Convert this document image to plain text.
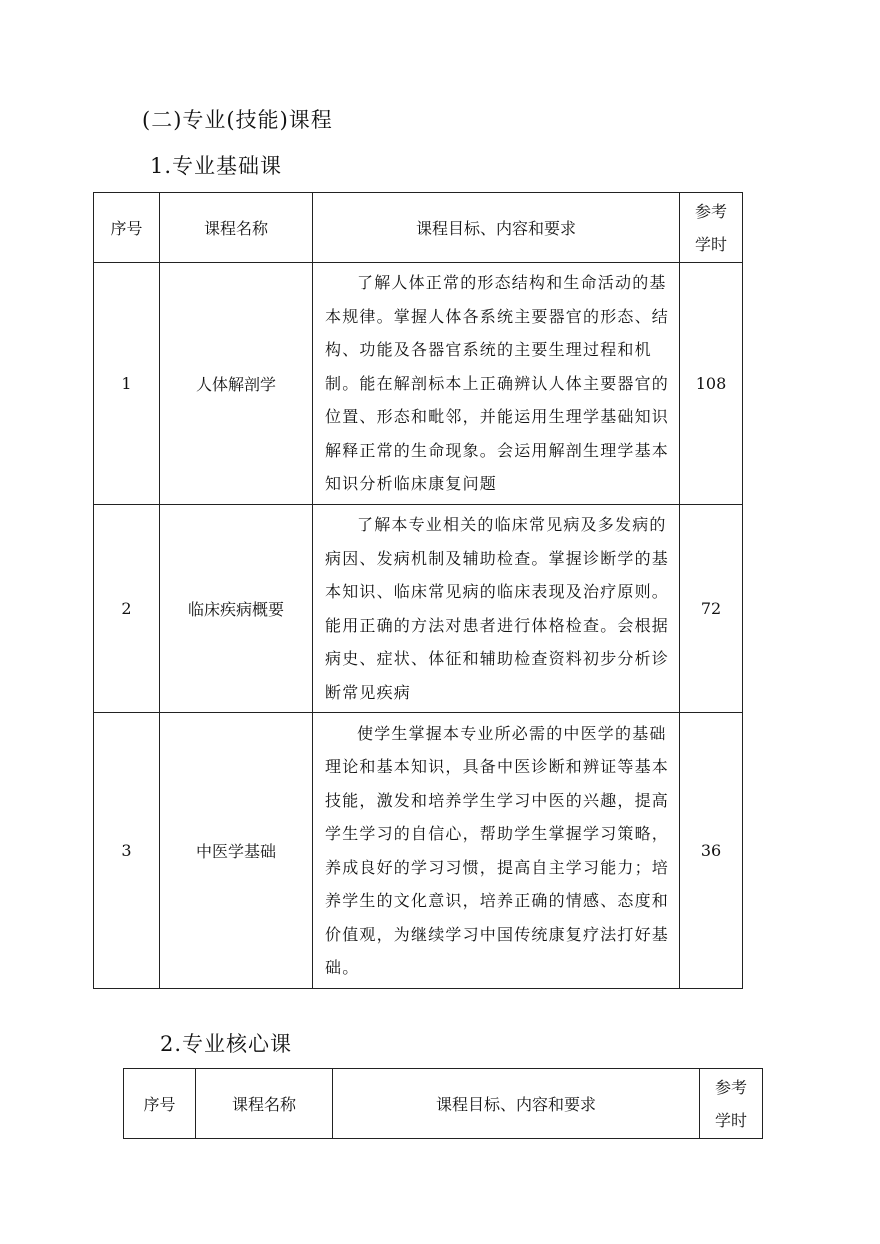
(二)专业(技能)课程
1.专业基础课
序号	课程名称	课程目标、内容和要求	参考
学时
1	人体解剖学	了解人体正常的形态结构和生命活动的基本规律。掌握人体各系统主要器官的形态、结构、功能及各器官系统的主要生理过程和机制。能在解剖标本上正确辨认人体主要器官的位置、形态和毗邻，并能运用生理学基础知识解释正常的生命现象。会运用解剖生理学基本知识分析临床康复问题	108
2	临床疾病概要	了解本专业相关的临床常见病及多发病的病因、发病机制及辅助检查。掌握诊断学的基本知识、临床常见病的临床表现及治疗原则。能用正确的方法对患者进行体格检查。会根据病史、症状、体征和辅助检查资料初步分析诊断常见疾病	72
3	中医学基础	使学生掌握本专业所必需的中医学的基础理论和基本知识，具备中医诊断和辨证等基本技能，激发和培养学生学习中医的兴趣，提高学生学习的自信心，帮助学生掌握学习策略，养成良好的学习习惯，提高自主学习能力；培养学生的文化意识，培养正确的情感、态度和价值观，为继续学习中国传统康复疗法打好基础。	36
2.专业核心课
序号	课程名称	课程目标、内容和要求	参考
学时
